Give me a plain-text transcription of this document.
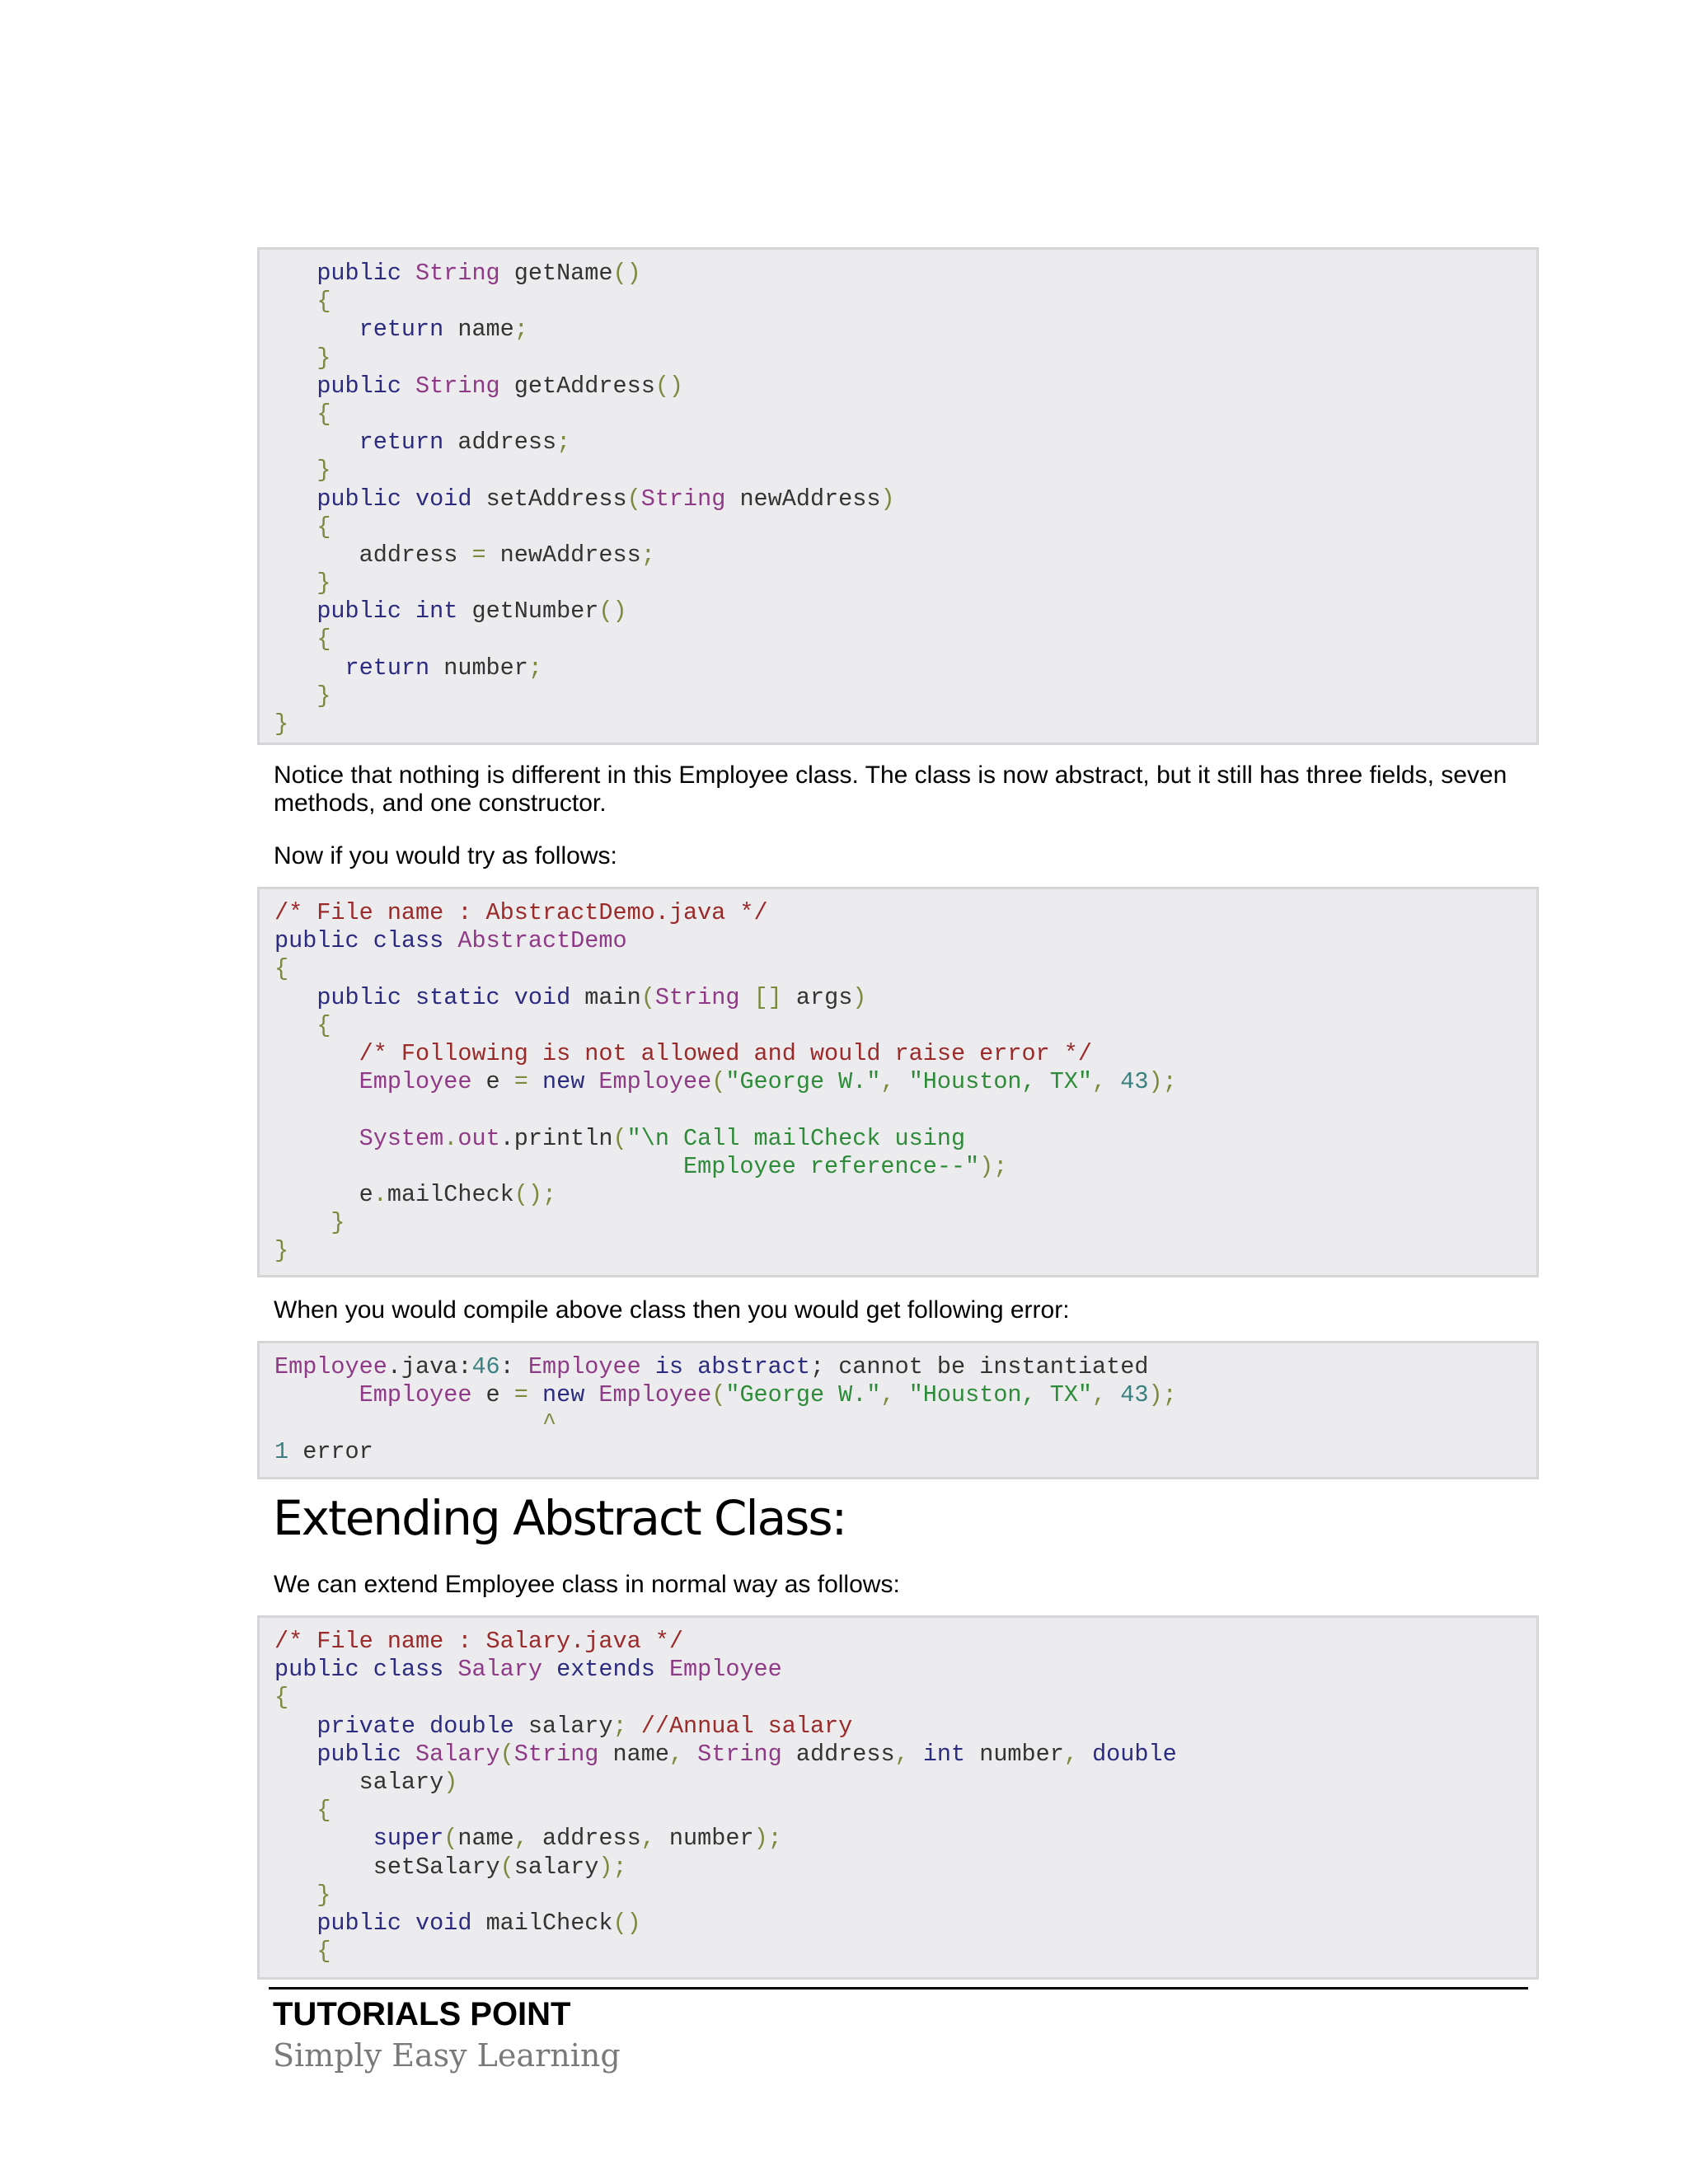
public String getName()
{
return name;
}
public String getAddress()
{
return address;
}
public void setAddress(String newAddress)
{
address = newAddress;
}
public int getNumber()
{
return number;
}
}
Notice that nothing is different in this Employee class. The class is now abstract, but it still has three fields, seven methods, and one constructor.
Now if you would try as follows:
/* File name : AbstractDemo.java */
public class AbstractDemo
{
public static void main(String [] args)
{
/* Following is not allowed and would raise error */
Employee e = new Employee("George W.", "Houston, TX", 43);
System.out.println("\n Call mailCheck using
Employee reference--");
e.mailCheck();
}
}
When you would compile above class then you would get following error:
Employee.java:46: Employee is abstract; cannot be instantiated
Employee e = new Employee("George W.", "Houston, TX", 43);
^
1 error
Extending Abstract Class:
We can extend Employee class in normal way as follows:
/* File name : Salary.java */
public class Salary extends Employee
{
private double salary; //Annual salary
public Salary(String name, String address, int number, double
salary)
{
super(name, address, number);
setSalary(salary);
}
public void mailCheck()
{
TUTORIALS POINT
Simply Easy Learning
